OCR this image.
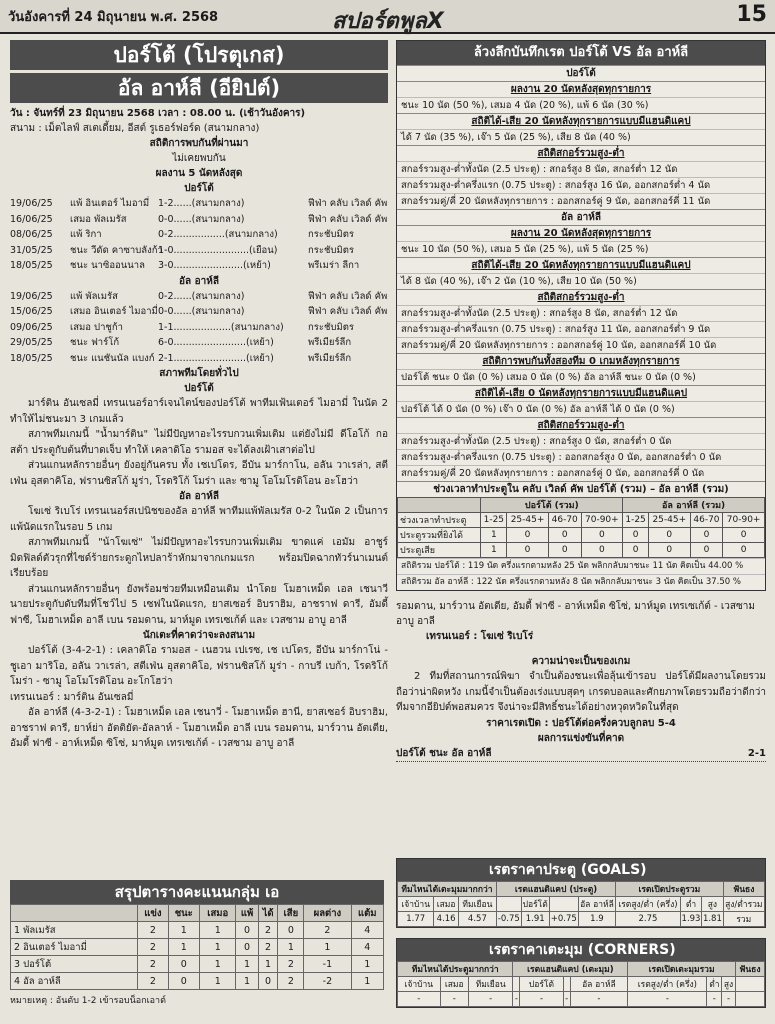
วันอังคารที่ 24 มิถุนายน พ.ศ. 2568	สปอร์ตพูลX	15
ปอร์โต้ (โปรตุเกส)
อัล อาห์ลี (อียิปต์)
วัน : จันทร์ที่ 23 มิถุนายน 2568 เวลา : 08.00 น. (เช้าวันอังคาร)
สนาม : เม็ตไลฟ์ สเตเดี้ยม, อีสต์ รูเธอร์ฟอร์ด (สนามกลาง)
สถิติการพบกันที่ผ่านมา
ไม่เคยพบกัน
ผลงาน 5 นัดหลังสุด
ปอร์โต้
19/06/25 แพ้ อินเตอร์ ไมอามี่ 1-2......(สนามกลาง)	ฟีฟ่า คลับ เวิลด์ คัพ
16/06/25 เสมอ พัลเมรัส	0-0......(สนามกลาง)	ฟีฟ่า คลับ เวิลด์ คัพ
08/06/25 แพ้ ริกา	0-2.................(สนามกลาง)	กระชับมิตร
31/05/25 ชนะ วีดัด คาซาบลังก้า1-0.........................(เยือน)	กระชับมิตร
18/05/25 ชนะ นาซิออนนาล 3-0.......................(เหย้า)	พรีเมร่า ลีกา
อัล อาห์ลี
19/06/25 แพ้ พัลเมรัส	0-2......(สนามกลาง)	ฟีฟ่า คลับ เวิลด์ คัพ
15/06/25 เสมอ อินเตอร์ ไมอามี่0-0......(สนามกลาง)	ฟีฟ่า คลับ เวิลด์ คัพ
09/06/25 เสมอ ปาชูก้า	1-1...................(สนามกลาง)	กระชับมิตร
29/05/25 ชนะ ฟาร์โก้	6-0........................(เหย้า)	พรีเมียร์ลีก
18/05/25 ชนะ แนชันนัล แบงก์ 2-1........................(เหย้า)	พรีเมียร์ลีก
สภาพทีมโดยทั่วไป
ปอร์โต้
มาร์ติน อันเซลมี่ เทรนเนอร์อาร์เจนไตน์ของปอร์โต้ พาทีมเฟ้นเตอร์ ไมอามี่ ในนัด 2 ทำให้ไม่ชนะมา 3 เกมแล้ว
สภาพทีมเกมนี้ "น้ำมาร์ติน" ไม่มีปัญหาอะไรรบกวนเพิ่มเติม แต่ยังไม่มี ดีโอโก้ กอสต้า ประตูกับต้นที่บาดเจ็บ ทำให้ เคลาดิโอ รามอส จะได้ลงเฝ้าเสาต่อไป
ส่วนแกนหลักรายอื่นๆ ยังอยู่กันครบ ทั้ง เชเปโดร, อีบัน มาร์กาโน, อลัน วาเรล่า, สตีเฟ่น อุสตาคิโอ, ฟรานซิสโก้ มูร่า, โรดริโก้ โมร่า และ ซามู โอโมโรดิโอน อะโฮว่า
อัล อาห์ลี
โฆเซ่ ริเบโร่ เทรนเนอร์สเปนิชของอัล อาห์ลี พาทีมแพ้พัลเมรัส 0-2 ในนัด 2 เป็นการแพ้นัดแรกในรอบ 5 เกม
สภาพทีมเกมนี้ "น้าโฆเซ่" ไม่มีปัญหาอะไรรบกวนเพิ่มเติม ขาดแค่ เอมัม อาชูร์ มิดฟิลด์ตัวรุกที่ไซด์ร้ายกระดูกไหปลาร้าหักมาจากเกมแรก พร้อมปิดฉากทัวร์นาเมนต์เรียบร้อย
ส่วนแกนหลักรายอื่นๆ ยังพร้อมช่วยทีมเหมือนเดิม นำโดย โมฮาเหม็ด เอล เชนาวี นายประตูกับดับทีมที่โชว์ไป 5 เซฟในนัดแรก, ยาสเซอร์ อิบราฮิม, อาชราฟ ดารี, อัมดี้ ฟาซี, โมฮาเหม็ด อาลี เบน รอมดาน, มาห์มูด เทรเซเก้ต์ และ เวสซาม อาบู อาลี
นักเตะที่คาดว่าจะลงสนาม
ปอร์โต้ (3-4-2-1) : เคลาดิโอ รามอส - เนฮวน เปเรซ, เช เปโดร, อีบัน มาร์กาโน่ - ชูเอา มาริโอ, อลัน วาเรล่า, สตีเฟ่น อุสตาคิโอ, ฟรานซิสโก้ มูร่า - กาบรี เบก้า, โรดริโก้ โมร่า - ซามู โอโมโรดิโอน อะโกโฮว่า
เทรนเนอร์ : มาร์ติน อันเซลมี่
อัล อาห์ลี (4-3-2-1) : โมฮาเหม็ด เอล เชนาวี่ - โมฮาเหม็ด ฮานี, ยาสเซอร์ อิบราฮิม, อาชราฟ ดารี, ยาห์ย่า อัตติยัต-อัลลาห์ - โมฮาเหม็ด อาลี เบน รอมดาน, มาร์วาน อัตเตีย, อัมดี้ ฟาซี - อาห์เหม็ด ซิโซ่, มาห์มูด เทรเซเก้ต์ - เวสซาม อาบู อาลี
สรุปตารางคะแนนกลุ่ม เอ
	แข่ง	ชนะ	เสมอ	แพ้	ได้	เสีย	ผลต่าง	แต้ม
1 พัลเมรัส	2	1	1	0	2	0	2	4
2 อินเตอร์ ไมอามี่	2	1	1	0	2	1	1	4
3 ปอร์โต้	2	0	1	1	1	2	-1	1
4 อัล อาห์ลี	2	0	1	1	0	2	-2	1
หมายเหตุ : อันดับ 1-2 เข้ารอบน็อกเอาต์
ล้วงลึกบันทึกเรต ปอร์โต้ VS อัล อาห์ลี
ปอร์โต้
ผลงาน 20 นัดหลังสุดทุกรายการ
ชนะ 10 นัด (50 %), เสมอ 4 นัด (20 %), แพ้ 6 นัด (30 %)
สถิติได้-เสีย 20 นัดหลังทุกรายการแบบมีแฮนดิแคป
ได้ 7 นัด (35 %), เจ๊า 5 นัด (25 %), เสีย 8 นัด (40 %)
สถิติสกอร์รวมสูง-ต่ำ
สกอร์รวมสูง-ต่ำทั้งนัด (2.5 ประตู) : สกอร์สูง 8 นัด, สกอร์ต่ำ 12 นัด
สกอร์รวมสูง-ต่ำครึ่งแรก (0.75 ประตู) : สกอร์สูง 16 นัด, ออกสกอร์ต่ำ 4 นัด
สกอร์รวมคู่/คี่ 20 นัดหลังทุกรายการ : ออกสกอร์คู่ 9 นัด, ออกสกอร์คี่ 11 นัด
อัล อาห์ลี
ผลงาน 20 นัดหลังสุดทุกรายการ
ชนะ 10 นัด (50 %), เสมอ 5 นัด (25 %), แพ้ 5 นัด (25 %)
สถิติได้-เสีย 20 นัดหลังทุกรายการแบบมีแฮนดิแคป
ได้ 8 นัด (40 %), เจ๊า 2 นัด (10 %), เสีย 10 นัด (50 %)
สถิติสกอร์รวมสูง-ต่ำ
สกอร์รวมสูง-ต่ำทั้งนัด (2.5 ประตู) : สกอร์สูง 8 นัด, สกอร์ต่ำ 12 นัด
สกอร์รวมสูง-ต่ำครึ่งแรก (0.75 ประตู) : สกอร์สูง 11 นัด, ออกสกอร์ต่ำ 9 นัด
สกอร์รวมคู่/คี่ 20 นัดหลังทุกรายการ : ออกสกอร์คู่ 10 นัด, ออกสกอร์คี่ 10 นัด
สถิติการพบกันทั้งสองทีม 0 เกมหลังทุกรายการ
ปอร์โต้ ชนะ 0 นัด (0 %) เสมอ 0 นัด (0 %) อัล อาห์ลี ชนะ 0 นัด (0 %)
สถิติได้-เสีย 0 นัดหลังทุกรายการแบบมีแฮนดิแคป
ปอร์โต้ ได้ 0 นัด (0 %) เจ๊า 0 นัด (0 %) อัล อาห์ลี ได้ 0 นัด (0 %)
สถิติสกอร์รวมสูง-ต่ำ
สกอร์รวมสูง-ต่ำทั้งนัด (2.5 ประตู) : สกอร์สูง 0 นัด, สกอร์ต่ำ 0 นัด
สกอร์รวมสูง-ต่ำครึ่งแรก (0.75 ประตู) : ออกสกอร์สูง 0 นัด, ออกสกอร์ต่ำ 0 นัด
สกอร์รวมคู่/คี่ 20 นัดหลังทุกรายการ : ออกสกอร์คู่ 0 นัด, ออกสกอร์คี่ 0 นัด
ช่วงเวลาทำประตูใน คลับ เวิลด์ คัพ ปอร์โต้ (รวม) – อัล อาห์ลี (รวม)
	ปอร์โต้ (รวม)				อัล อาห์ลี (รวม)			
ช่วงเวลาทำประตู	1-25	25-45+	46-70	70-90+	1-25	25-45+	46-70	70-90+
ประตูรวมที่ยิงได้	1	0	0	0	0	0	0	0
ประตูเสีย	1	0	0	0	0	0	0	0
สถิติรวม ปอร์โต้ : 119 นัด ครึ่งแรกตามหลัง 25 นัด พลิกกลับมาชนะ 11 นัด คิดเป็น 44.00 %
สถิติรวม อัล อาห์ลี : 122 นัด ครึ่งแรกตามหลัง 8 นัด พลิกกลับมาชนะ 3 นัด คิดเป็น 37.50 %
รอมดาน, มาร์วาน อัตเตีย, อัมดี้ ฟาซี - อาห์เหม็ด ซิโซ่, มาห์มูด เทรเซเก้ต์ - เวสซาม อาบู อาลี
เทรนเนอร์ : โฆเซ่ ริเบโร่
ความน่าจะเป็นของเกม
2 ทีมที่สถานการณ์พิฆา จำเป็นต้องชนะเพื่อลุ้นเข้ารอบ ปอร์โต้มีผลงานโดยรวมถือว่าน่าผิดหวัง เกมนี้จำเป็นต้องเร่งแบบสุดๆ เกรดบอลและศักยภาพโดยรวมถือว่าดีกว่าทีมจากอียิปต์พอสมควร จึงน่าจะมีสิทธิ์ชนะได้อย่างหวุดหวิดในที่สุด
ราคาเรตเปิด : ปอร์โต้ต่อครึ่งควบลูกลบ 5-4
ผลการแข่งขันที่คาด
ปอร์โต้ ชนะ อัล อาห์ลี	2-1
เรตราคาประตู (GOALS)
ทีมไหนได้เตะมุมมากกว่า			เรตแฮนดิแคป (ประตู)				เรตเปิดประตูรวม			ฟันธง
เจ้าบ้าน	เสมอ	ทีมเยือน		ปอร์โต้		อัล อาห์ลี	เรตสูง/ต่ำ (ครึ่ง)	ต่ำ	สูง	สูง/ต่ำรวม
1.77	4.16	4.57	-0.75	1.91	+0.75	1.9	2.75	1.93	1.81	รวม
เรตราคาเตะมุม (CORNERS)
ทีมไหนได้ประตูมากกว่า			เรตแฮนดิแคป (เตะมุม)				เรตเปิดเตะมุมรวม			ฟันธง
เจ้าบ้าน	เสมอ	ทีมเยือน		ปอร์โต้		อัล อาห์ลี	เรตสูง/ต่ำ (ครึ่ง)	ต่ำ	สูง	
-	-	-	-	-	-	-	-	-	-	
